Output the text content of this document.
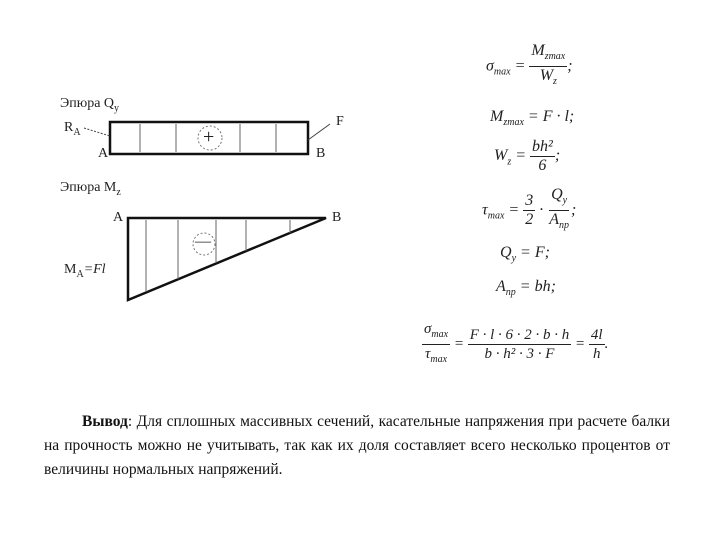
Эпюра $Q_у$
$R_А$
F
A	B
+
Эпюра $М_z$
A	B
—
$M_A=Fl$
$\sigma_{max} = \frac{M_{zmax}}{W_z}$ ;
$M_{zmax} = F \cdot l$;
$W_z = \frac{\text{bh²}}{6}$ ;
$\tau_{max} = \frac{3}{2} \cdot \frac{Q_y}{A_{пр}}$ ;
$Q_y = F$;
$A_{пр}$ = bh;
$\frac{\sigma_{max}}{\tau_{max}} = \frac{F \cdot l \cdot 6 \cdot 2 \cdot b \cdot h}{\text{b · h² · 3 · F}} = \frac{4l}{h}$ .
Вывод: Для сплошных массивных сечений, касательные напряжения при расчете балки на прочность можно не учитывать, так как их доля составляет всего несколько процентов от величины нормальных напряжений.
